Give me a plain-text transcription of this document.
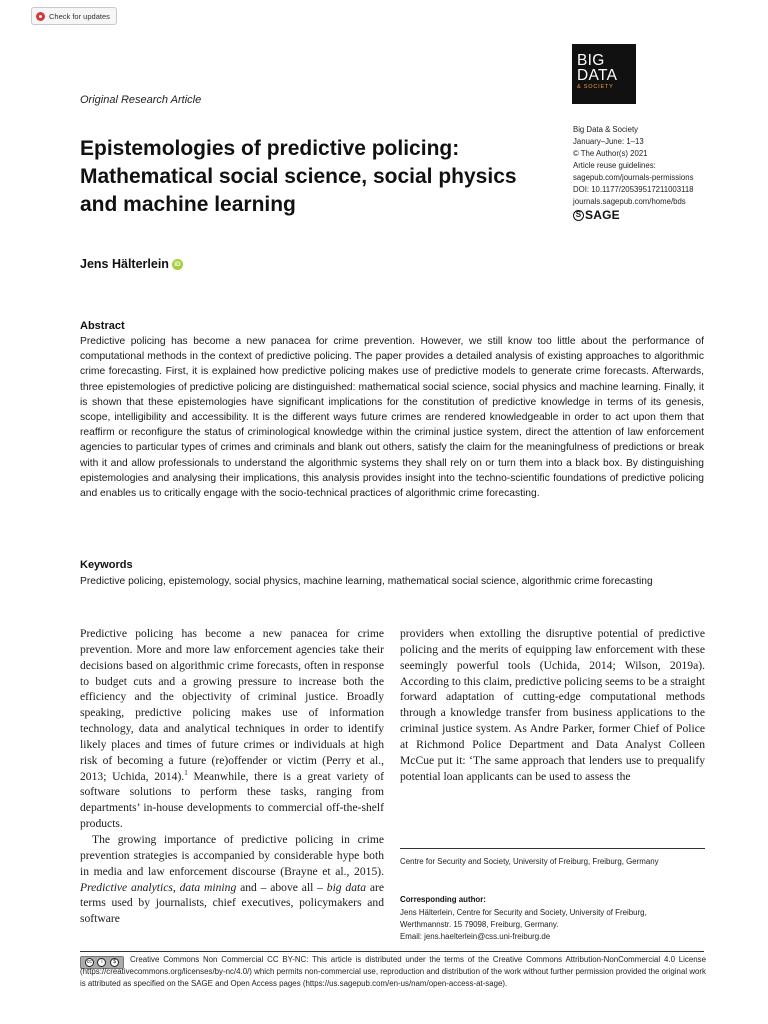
Check for updates
BIG
DATA
& SOCIETY
Original Research Article
Epistemologies of predictive policing: Mathematical social science, social physics and machine learning
Big Data & Society
January–June: 1–13
© The Author(s) 2021
Article reuse guidelines:
sagepub.com/journals-permissions
DOI: 10.1177/20539517211003118
journals.sagepub.com/home/bds
S SAGE
Jens Hälterlein iD
Abstract
Predictive policing has become a new panacea for crime prevention. However, we still know too little about the performance of computational methods in the context of predictive policing. The paper provides a detailed analysis of existing approaches to algorithmic crime forecasting. First, it is explained how predictive policing makes use of predictive models to generate crime forecasts. Afterwards, three epistemologies of predictive policing are distinguished: mathematical social science, social physics and machine learning. Finally, it is shown that these epistemologies have significant implications for the constitution of predictive knowledge in terms of its genesis, scope, intelligibility and accessibility. It is the different ways future crimes are rendered knowledgeable in order to act upon them that reaffirm or reconfigure the status of criminological knowledge within the criminal justice system, direct the attention of law enforcement agencies to particular types of crimes and criminals and blank out others, satisfy the claim for the meaningfulness of predictions or break with it and allow professionals to understand the algorithmic systems they shall rely on or turn them into a black box. By distinguishing epistemologies and analysing their implications, this analysis provides insight into the techno-scientific foundations of predictive policing and enables us to critically engage with the socio-technical practices of algorithmic crime forecasting.
Keywords
Predictive policing, epistemology, social physics, machine learning, mathematical social science, algorithmic crime forecasting

Predictive policing has become a new panacea for crime prevention. More and more law enforcement agencies take their decisions based on algorithmic crime forecasts, often in response to budget cuts and a growing pressure to increase both the efficiency and the objectivity of criminal justice. Broadly speaking, predictive policing makes use of information technology, data and analytical techniques in order to identify likely places and times of future crimes or individuals at high risk of becoming a future (re)offender or victim (Perry et al., 2013; Uchida, 2014).$^1$ Meanwhile, there is a great variety of software solutions to perform these tasks, ranging from departments’ in-house developments to commercial off-the-shelf products.

The growing importance of predictive policing in crime prevention strategies is accompanied by considerable hype both in media and law enforcement discourse (Brayne et al., 2015). Predictive analytics, data mining and – above all – big data are terms used by journalists, chief executives, policymakers and software

providers when extolling the disruptive potential of predictive policing and the merits of equipping law enforcement with these seemingly powerful tools (Uchida, 2014; Wilson, 2019a). According to this claim, predictive policing seems to be a straight forward adaptation of cutting-edge computational methods through a knowledge transfer from business applications to the criminal justice system. As Andre Parker, former Chief of Police at Richmond Police Department and Data Analyst Colleen McCue put it: ‘The same approach that lenders use to prequalify potential loan applicants can be used to assess the

Centre for Security and Society, University of Freiburg, Freiburg, Germany
Corresponding author:
Jens Hälterlein, Centre for Security and Society, University of Freiburg,
Werthmannstr. 15 79098, Freiburg, Germany.
Email: jens.haelterlein@css.uni-freiburg.de
cc	i	$	Creative Commons Non Commercial CC BY-NC: This article is distributed under the terms of the Creative Commons Attribution-NonCommercial 4.0 License (https://creativecommons.org/licenses/by-nc/4.0/) which permits non-commercial use, reproduction and distribution of the work without further permission provided the original work is attributed as specified on the SAGE and Open Access pages (https://us.sagepub.com/en-us/nam/open-access-at-sage).
